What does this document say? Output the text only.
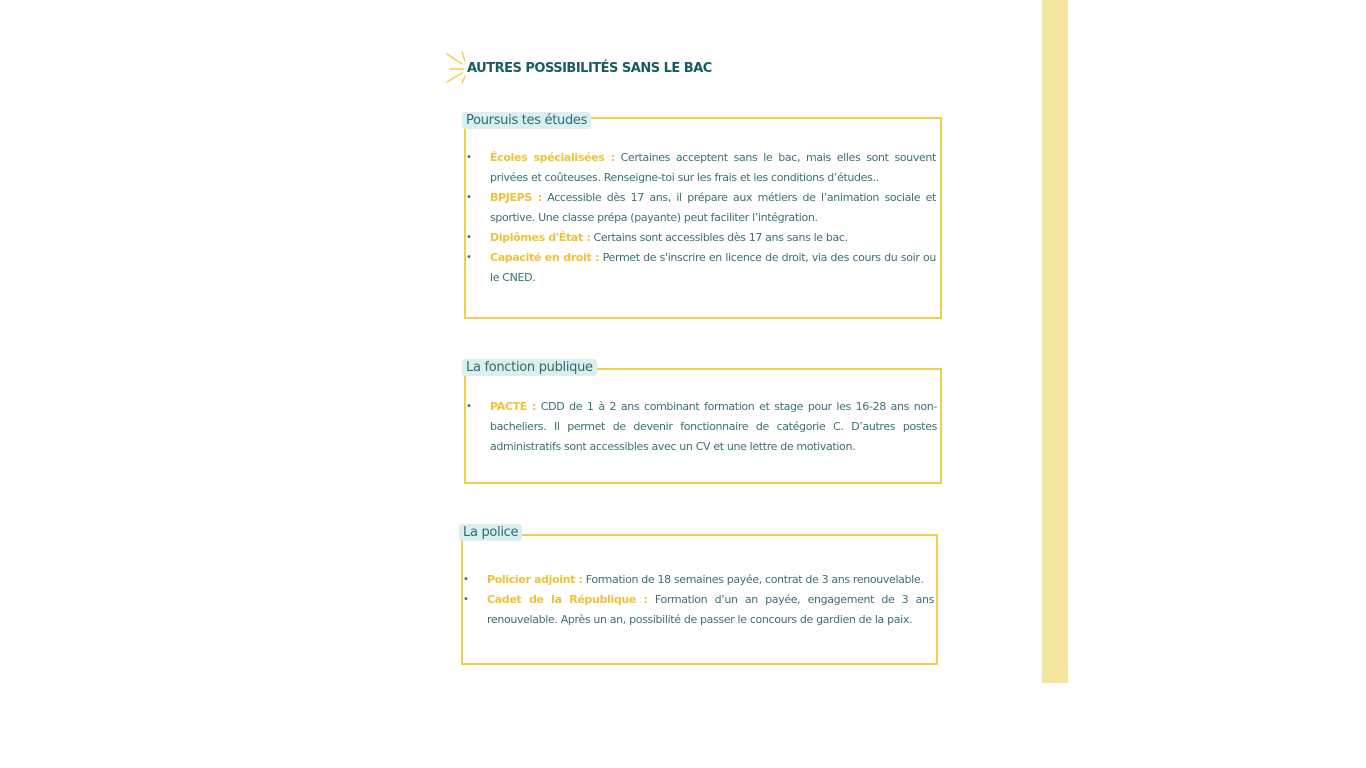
AUTRES POSSIBILITÉS SANS LE BAC
• Écoles spécialisées : Certaines acceptent sans le bac, mais elles sont souvent privées et coûteuses. Renseigne-toi sur les frais et les conditions d’études..
• BPJEPS : Accessible dès 17 ans, il prépare aux métiers de l’animation sociale et sportive. Une classe prépa (payante) peut faciliter l’intégration.
• Diplômes d'État : Certains sont accessibles dès 17 ans sans le bac.
• Capacité en droit : Permet de s'inscrire en licence de droit, via des cours du soir ou le CNED.
Poursuis tes études
• PACTE : CDD de 1 à 2 ans combinant formation et stage pour les 16-28 ans non-bacheliers. Il permet de devenir fonctionnaire de catégorie C. D’autres postes administratifs sont accessibles avec un CV et une lettre de motivation.
La fonction publique
• Policier adjoint : Formation de 18 semaines payée, contrat de 3 ans renouvelable.
• Cadet de la République : Formation d’un an payée, engagement de 3 ans renouvelable. Après un an, possibilité de passer le concours de gardien de la paix.
La police
